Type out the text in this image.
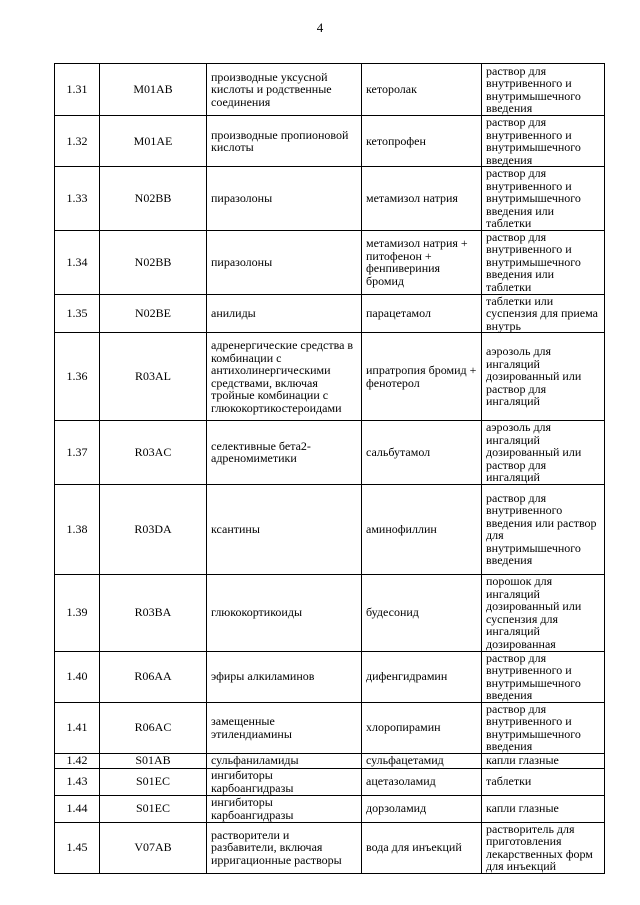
4
1.31	M01AB	производные уксусной кислоты и родственные соединения	кеторолак	раствор для внутривенного и внутримышечного введения
1.32	M01AE	производные пропионовой кислоты	кетопрофен	раствор для внутривенного и внутримышечного введения
1.33	N02BB	пиразолоны	метамизол натрия	раствор для внутривенного и внутримышечного введения или таблетки
1.34	N02BB	пиразолоны	метамизол натрия + питофенон + фенпивериния бромид	раствор для внутривенного и внутримышечного введения или таблетки
1.35	N02BE	анилиды	парацетамол	таблетки или суспензия для приема внутрь
1.36	R03AL	адренергические средства в комбинации с антихолинергическими средствами, включая тройные комбинации с глюкокортикостероидами	ипратропия бромид + фенотерол	аэрозоль для ингаляций дозированный или раствор для ингаляций
1.37	R03AC	селективные бета2-адреномиметики	сальбутамол	аэрозоль для ингаляций дозированный или раствор для ингаляций
1.38	R03DA	ксантины	аминофиллин	раствор для внутривенного введения или раствор для внутримышечного введения
1.39	R03BA	глюкокортикоиды	будесонид	порошок для ингаляций дозированный или суспензия для ингаляций дозированная
1.40	R06AA	эфиры алкиламинов	дифенгидрамин	раствор для внутривенного и внутримышечного введения
1.41	R06AC	замещенные этилендиамины	хлоропирамин	раствор для внутривенного и внутримышечного введения
1.42	S01AB	сульфаниламиды	сульфацетамид	капли глазные
1.43	S01EC	ингибиторы карбоангидразы	ацетазоламид	таблетки
1.44	S01EC	ингибиторы карбоангидразы	дорзоламид	капли глазные
1.45	V07AB	растворители и разбавители, включая ирригационные растворы	вода для инъекций	растворитель для приготовления лекарственных форм для инъекций
